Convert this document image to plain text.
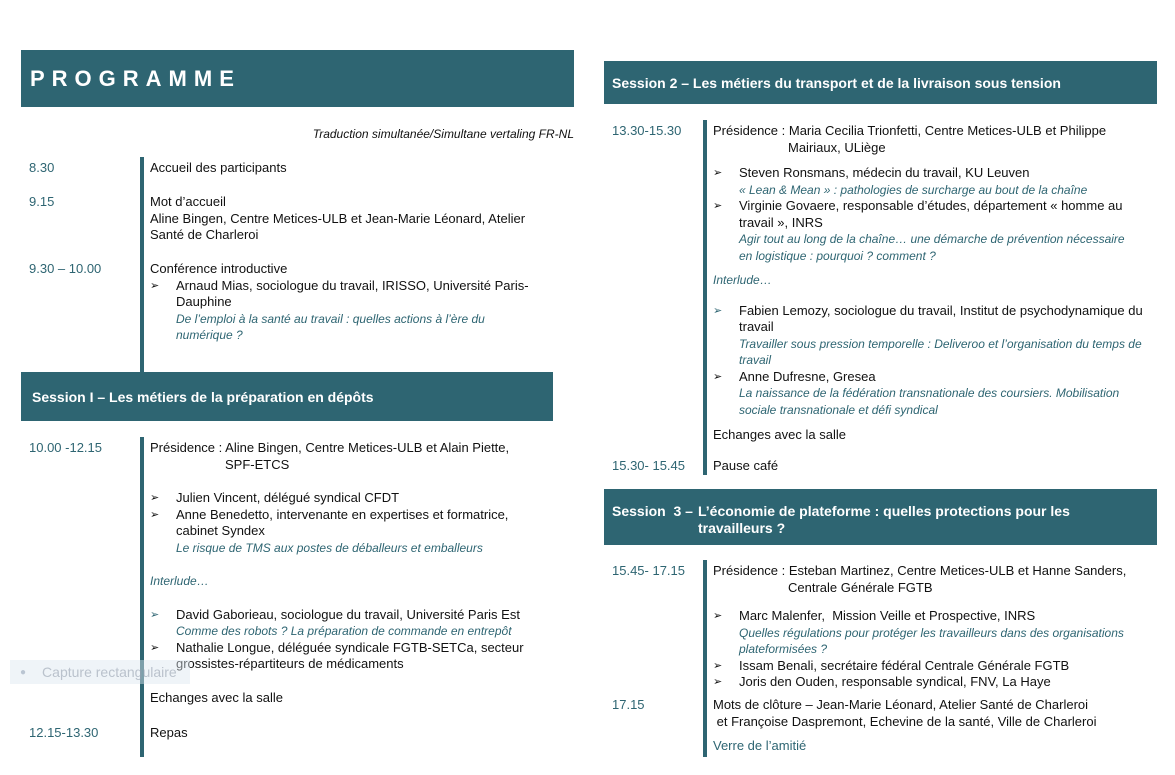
PROGRAMME
Traduction simultanée/Simultane vertaling FR-NL
8.30	Accueil des participants
9.15	Mot d’accueil
Aline Bingen, Centre Metices-ULB et Jean-Marie Léonard, Atelier
Santé de Charleroi
9.30 – 10.00	Conférence introductive
➢ Arnaud Mias, sociologue du travail, IRISSO, Université Paris-
Dauphine
De l’emploi à la santé au travail : quelles actions à l’ère du
numérique ?
Session I – Les métiers de la préparation en dépôts
10.00 -12.15	Présidence : Aline Bingen, Centre Metices-ULB et Alain Piette,
SPF-ETCS
➢ Julien Vincent, délégué syndical CFDT
➢ Anne Benedetto, intervenante en expertises et formatrice,
cabinet Syndex
Le risque de TMS aux postes de déballeurs et emballeurs
Interlude…
➢ David Gaborieau, sociologue du travail, Université Paris Est
Comme des robots ? La préparation de commande en entrepôt
➢ Nathalie Longue, déléguée syndicale FGTB-SETCa, secteur
grossistes-répartiteurs de médicaments
Echanges avec la salle
● Capture rectangulaire
12.15-13.30	Repas
Session 2 – Les métiers du transport et de la livraison sous tension
13.30-15.30 Présidence : Maria Cecilia Trionfetti, Centre Metices-ULB et Philippe
Mairiaux, ULiège
➢ Steven Ronsmans, médecin du travail, KU Leuven
« Lean & Mean » : pathologies de surcharge au bout de la chaîne
➢ Virginie Govaere, responsable d’études, département « homme au
travail », INRS
Agir tout au long de la chaîne… une démarche de prévention nécessaire
en logistique : pourquoi ? comment ?
Interlude…
➢ Fabien Lemozy, sociologue du travail, Institut de psychodynamique du
travail
Travailler sous pression temporelle : Deliveroo et l’organisation du temps de
travail
➢ Anne Dufresne, Gresea
La naissance de la fédération transnationale des coursiers. Mobilisation
sociale transnationale et défi syndical
Echanges avec la salle
15.30- 15.45 Pause café
Session  3 – L’économie de plateforme : quelles protections pour les
travailleurs ?
15.45- 17.15 Présidence : Esteban Martinez, Centre Metices-ULB et Hanne Sanders,
Centrale Générale FGTB
➢ Marc Malenfer,  Mission Veille et Prospective, INRS
Quelles régulations pour protéger les travailleurs dans des organisations
plateformisées ?
➢ Issam Benali, secrétaire fédéral Centrale Générale FGTB
➢ Joris den Ouden, responsable syndical, FNV, La Haye
17.15	Mots de clôture – Jean-Marie Léonard, Atelier Santé de Charleroi
et Françoise Daspremont, Echevine de la santé, Ville de Charleroi
Verre de l’amitié
